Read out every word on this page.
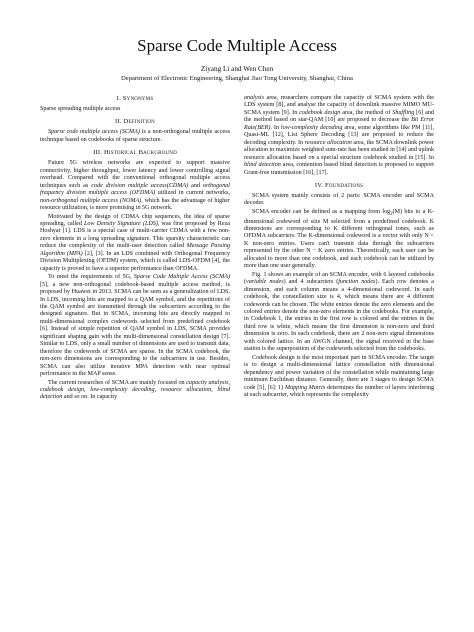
Sparse Code Multiple Access
Ziyang Li and Wen Chen
Department of Electronic Engineering, Shanghai Jiao Tong University, Shanghai, China
I. Synonyms

Sparse spreading multiple access

II. Definition

Sparse code multiple access (SCMA) is a non-orthogonal multiple access technique based on codebooks of sparse structure.

III. Historical Background

Future 5G wireless networks are expected to support massive connectivity, higher throughput, lower latency and lower controlling signal overhead. Compared with the conventional orthogonal multiple access techniques such as code division multiple access(CDMA) and orthogonal frequency division multiple access (OFDMA) utilized in current networks, non-orthogonal multiple access (NOMA), which has the advantage of higher resource utilization, is more promising in 5G network.

Motivated by the design of CDMA chip sequences, the idea of sparse spreading, called Low Density Signature (LDS), was first proposed by Reza Hoshyar [1]. LDS is a special case of multi-carrier CDMA with a few non-zero elements in a long spreading signature. This sparsity characteristic can reduce the complexity of the multi-user detection called Message Passing Algorithm (MPA) [2], [3]. In an LDS combined with Orthogonal Frequency Division Multiplexing (OFDM) system, which is called LDS-OFDM [4], the capacity is proved to have a superior performance than OFDMA.

To meet the requirements of 5G, Sparse Code Multiple Access (SCMA) [5], a new non-orthogonal codebook-based multiple access method, is proposed by Huawei in 2013. SCMA can be seen as a generalization of LDS. In LDS, incoming bits are mapped to a QAM symbol, and the repetitions of the QAM symbol are transmitted through the subcarriers according to the designed signature. But in SCMA, incoming bits are directly mapped to multi-dimensional complex codewords selected from predefined codebook [6]. Instead of simple repetition of QAM symbol in LDS, SCMA provides significant shaping gain with the multi-dimensional constellation design [7]. Similar to LDS, only a small number of dimensions are used to transmit data, therefore the codewords of SCMA are sparse. In the SCMA codebook, the non-zero dimensions are corresponding to the subcarriers in use. Besides, SCMA can also utilize iterative MPA detection with near optimal performance in the MAP sense.

The current researches of SCMA are mainly focused on capacity analysis, codebook design, low-complexity decoding, resource allocation, blind detection and so on. In capacity

analysis area, researchers compare the capacity of SCMA system with the LDS system [8], and analyse the capacity of downlink massive MIMO MU-SCMA system [9]. In codebook design area, the method of Shuffling [6] and the method based on star-QAM [10] are proposed to decrease the Bit Error Rate(BER). In low-complexity decoding area, some algorithms like PM [11], Quasi-ML [12], List Sphere Decoding [13] are proposed to reduce the decoding complexity. In resource allocation area, the SCMA downlink power allocation to maximize weighted sum-rate has been studied in [14] and uplink resource allocation based on a special structure codebook studied in [15]. In blind detection area, contention based blind detection is proposed to support Grant-free transmission [16], [17].

IV. Foundations

SCMA system mainly consists of 2 parts: SCMA encoder and SCMA decoder.

SCMA encoder can be defined as a mapping from $\log_2(M)$ bits to a K-dimensional codeword of size M selected from a predefined codebook. K dimensions are corresponding to K different orthogonal tones, such as OFDMA subcarriers. The K-dimensional codeword is a vector with only N < K non-zero entries. Users can't transmit data through the subcarriers represented by the other N − K zero entries. Theoretically, each user can be allocated to more than one codebook, and each codebook can be utilized by more than one user generally.

Fig. 1 shows an example of an SCMA encoder, with 6 layered codebooks (variable nodes) and 4 subcarriers (function nodes). Each row denotes a dimension, and each column means a 4-dimensional codeword. In each codebook, the constellation size is 4, which means there are 4 different codewords can be chosen. The white entries denote the zero elements and the colored entries denote the non-zero elements in the codebooks. For example, in Codebook 1, the entries in the first row is colored and the entries in the third row is white, which means the first dimension is non-zero and third dimension is zero. In each codebook, there are 2 non-zero signal dimensions with colored lattice. In an AWGN channel, the signal received in the base station is the superposition of the codewords selected from the codebooks.

Codebook design is the most important part in SCMA encoder. The target is to design a multi-dimensional lattice constellation with dimensional dependency and power variation of the constellation while maintaining large minimum Euclidean distance. Generally, there are 3 stages to design SCMA code [5], [6]: 1) Mapping Matrix determines the number of layers interfering at each subcarrier, which represents the complexity
